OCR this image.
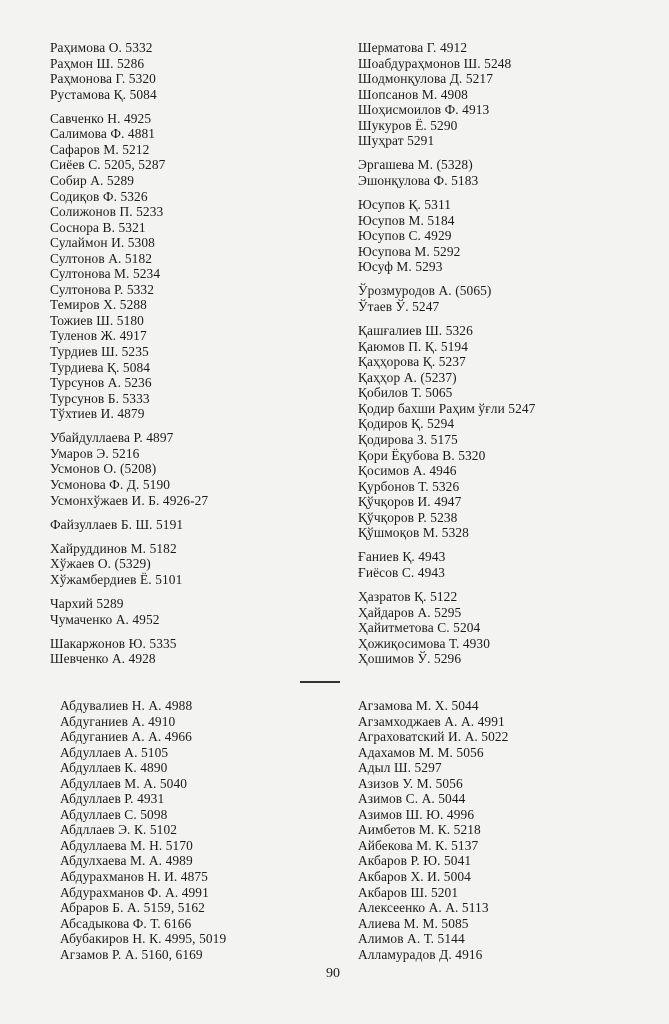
Раҳимова О. 5332
Раҳмон Ш. 5286
Раҳмонова Г. 5320
Рустамова Қ. 5084
Савченко Н. 4925
Салимова Ф. 4881
Сафаров М. 5212
Сиёев С. 5205, 5287
Собир А. 5289
Содиқов Ф. 5326
Солижонов П. 5233
Соснора В. 5321
Сулаймон И. 5308
Султонов А. 5182
Султонова М. 5234
Султонова Р. 5332
Темиров Х. 5288
Тожиев Ш. 5180
Туленов Ж. 4917
Турдиев Ш. 5235
Турдиева Қ. 5084
Турсунов А. 5236
Турсунов Б. 5333
Тўхтиев И. 4879
Убайдуллаева Р. 4897
Умаров Э. 5216
Усмонов О. (5208)
Усмонова Ф. Д. 5190
Усмонхўжаев И. Б. 4926-27
Файзуллаев Б. Ш. 5191
Хайруддинов М. 5182
Хўжаев О. (5329)
Хўжамбердиев Ё. 5101
Чархий 5289
Чумаченко А. 4952
Шакаржонов Ю. 5335
Шевченко А. 4928
Шерматова Г. 4912
Шоабдураҳмонов Ш. 5248
Шодмонқулова Д. 5217
Шопсанов М. 4908
Шоҳисмоилов Ф. 4913
Шукуров Ё. 5290
Шуҳрат 5291
Эргашева М. (5328)
Эшонқулова Ф. 5183
Юсупов Қ. 5311
Юсупов М. 5184
Юсупов С. 4929
Юсупова М. 5292
Юсуф М. 5293
Ўрозмуродов А. (5065)
Ўтаев Ў. 5247
Қашғалиев Ш. 5326
Қаюмов П. Қ. 5194
Қаҳҳорова Қ. 5237
Қаҳҳор А. (5237)
Қобилов Т. 5065
Қодир бахши Раҳим ўғли 5247
Қодиров Қ. 5294
Қодирова З. 5175
Қори Ёқубова В. 5320
Қосимов А. 4946
Қурбонов Т. 5326
Қўчқоров И. 4947
Қўчқоров Р. 5238
Қўшмоқов М. 5328
Ғаниев Қ. 4943
Ғиёсов С. 4943
Ҳазратов Қ. 5122
Ҳайдаров А. 5295
Ҳайитметова С. 5204
Ҳожиқосимова Т. 4930
Ҳошимов Ў. 5296
Абдувалиев Н. А. 4988
Абдуганиев А. 4910
Абдуганиев А. А. 4966
Абдуллаев А. 5105
Абдуллаев К. 4890
Абдуллаев М. А. 5040
Абдуллаев Р. 4931
Абдуллаев С. 5098
Абдллаев Э. К. 5102
Абдуллаева М. Н. 5170
Абдулхаева М. А. 4989
Абдурахманов Н. И. 4875
Абдурахманов Ф. А. 4991
Абраров Б. А. 5159, 5162
Абсадыкова Ф. Т. 6166
Абубакиров Н. К. 4995, 5019
Агзамов Р. А. 5160, 6169
Агзамова М. Х. 5044
Агзамходжаев А. А. 4991
Аграховатский И. А. 5022
Адахамов М. М. 5056
Адыл Ш. 5297
Азизов У. М. 5056
Азимов С. А. 5044
Азимов Ш. Ю. 4996
Аимбетов М. К. 5218
Айбекова М. К. 5137
Акбаров Р. Ю. 5041
Акбаров Х. И. 5004
Акбаров Ш. 5201
Алексеенко А. А. 5113
Алиева М. М. 5085
Алимов А. Т. 5144
Алламурадов Д. 4916
90
